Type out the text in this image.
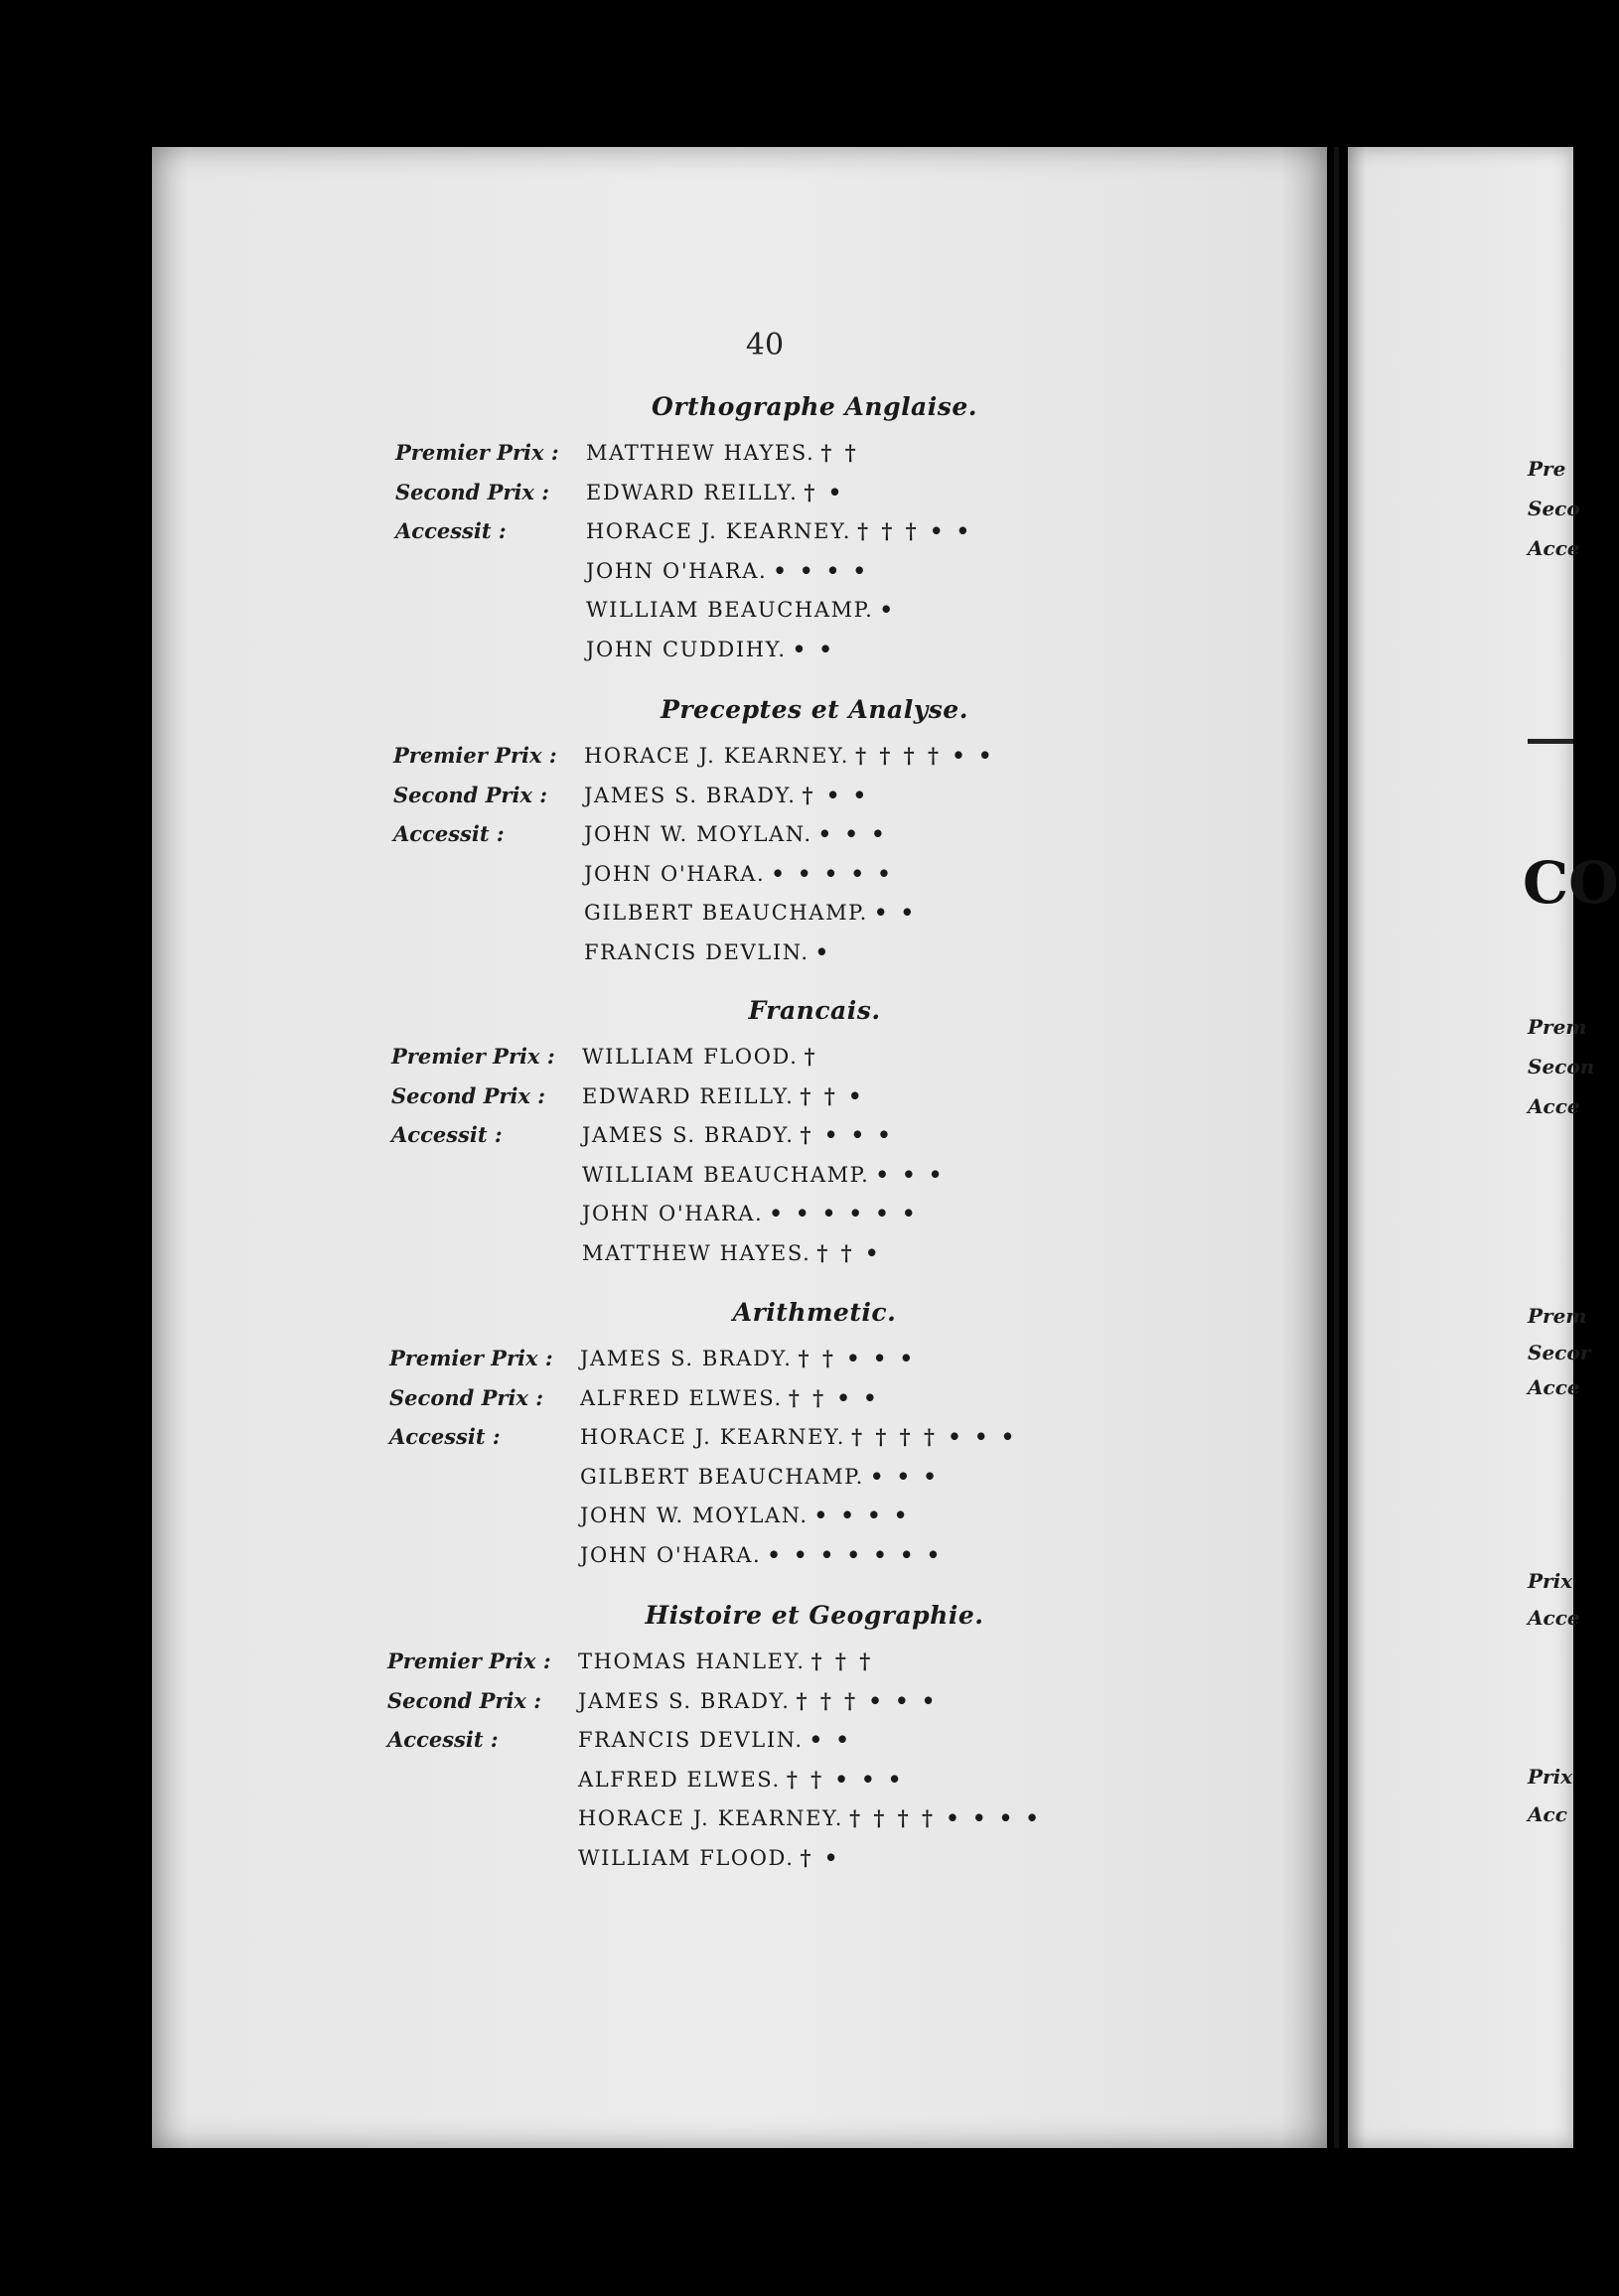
40
Orthographe Anglaise.
Premier Prix : MATTHEW HAYES. † †
Second Prix : EDWARD REILLY. † •
Accessit :	HORACE J. KEARNEY. † † † • •
JOHN O'HARA. • • • •
WILLIAM BEAUCHAMP. •
JOHN CUDDIHY. • •
Preceptes et Analyse.
Premier Prix : HORACE J. KEARNEY. † † † † • •
Second Prix : JAMES S. BRADY. † • •
Accessit :	JOHN W. MOYLAN. • • •
JOHN O'HARA. • • • • •
GILBERT BEAUCHAMP. • •
FRANCIS DEVLIN. •
Francais.
Premier Prix : WILLIAM FLOOD. †
Second Prix : EDWARD REILLY. † † •
Accessit :	JAMES S. BRADY. † • • •
WILLIAM BEAUCHAMP. • • •
JOHN O'HARA. • • • • • •
MATTHEW HAYES. † † •
Arithmetic.
Premier Prix : JAMES S. BRADY. † † • • •
Second Prix : ALFRED ELWES. † † • •
Accessit :	HORACE J. KEARNEY. † † † † • • •
GILBERT BEAUCHAMP. • • •
JOHN W. MOYLAN. • • • •
JOHN O'HARA. • • • • • • •
Histoire et Geographie.
Premier Prix : THOMAS HANLEY. † † †
Second Prix : JAMES S. BRADY. † † † • • •
Accessit :	FRANCIS DEVLIN. • •
ALFRED ELWES. † † • • •
HORACE J. KEARNEY. † † † † • • • •
WILLIAM FLOOD. † •
CO
Pre
Seco
Acce
Prem
Secon
Acce
Prem
Secor
Acce
Prix
Acce
Prix
Acc
